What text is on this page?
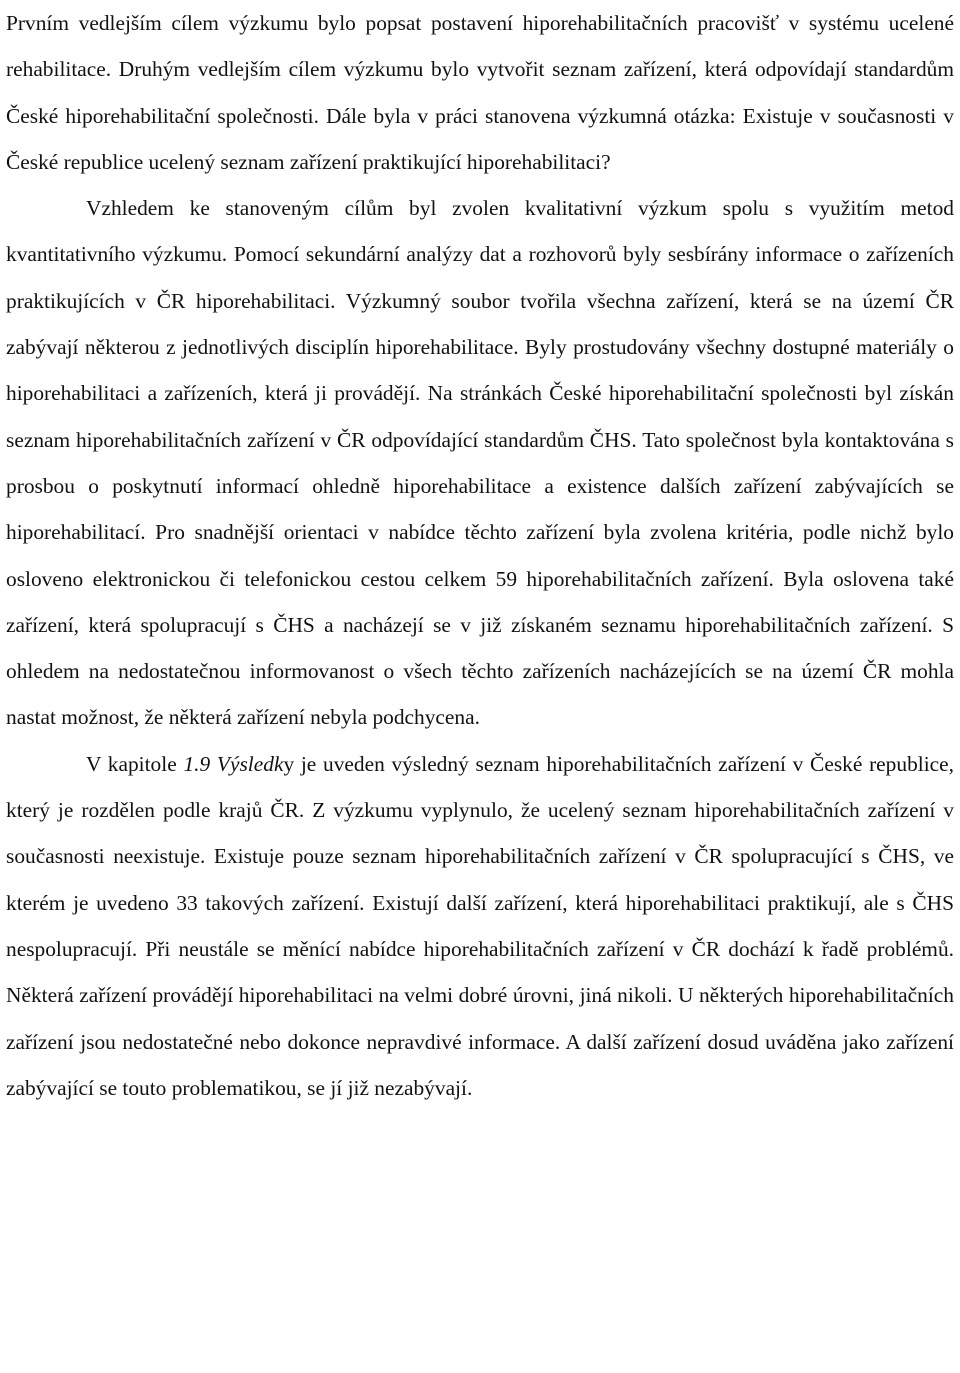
Prvním vedlejším cílem výzkumu bylo popsat postavení hiporehabilitačních pracovišť v systému ucelené rehabilitace. Druhým vedlejším cílem výzkumu bylo vytvořit seznam zařízení, která odpovídají standardům České hiporehabilitační společnosti. Dále byla v práci stanovena výzkumná otázka: Existuje v současnosti v České republice ucelený seznam zařízení praktikující hiporehabilitaci?

Vzhledem ke stanoveným cílům byl zvolen kvalitativní výzkum spolu s využitím metod kvantitativního výzkumu. Pomocí sekundární analýzy dat a rozhovorů byly sesbírány informace o zařízeních praktikujících v ČR hiporehabilitaci. Výzkumný soubor tvořila všechna zařízení, která se na území ČR zabývají některou z jednotlivých disciplín hiporehabilitace. Byly prostudovány všechny dostupné materiály o hiporehabilitaci a zařízeních, která ji provádějí. Na stránkách České hiporehabilitační společnosti byl získán seznam hiporehabilitačních zařízení v ČR odpovídající standardům ČHS. Tato společnost byla kontaktována s prosbou o poskytnutí informací ohledně hiporehabilitace a existence dalších zařízení zabývajících se hiporehabilitací. Pro snadnější orientaci v nabídce těchto zařízení byla zvolena kritéria, podle nichž bylo osloveno elektronickou či telefonickou cestou celkem 59 hiporehabilitačních zařízení. Byla oslovena také zařízení, která spolupracují s ČHS a nacházejí se v již získaném seznamu hiporehabilitačních zařízení. S ohledem na nedostatečnou informovanost o všech těchto zařízeních nacházejících se na území ČR mohla nastat možnost, že některá zařízení nebyla podchycena.

V kapitole 1.9 Výsledky je uveden výsledný seznam hiporehabilitačních zařízení v České republice, který je rozdělen podle krajů ČR. Z výzkumu vyplynulo, že ucelený seznam hiporehabilitačních zařízení v současnosti neexistuje. Existuje pouze seznam hiporehabilitačních zařízení v ČR spolupracující s ČHS, ve kterém je uvedeno 33 takových zařízení. Existují další zařízení, která hiporehabilitaci praktikují, ale s ČHS nespolupracují. Při neustále se měnící nabídce hiporehabilitačních zařízení v ČR dochází k řadě problémů. Některá zařízení provádějí hiporehabilitaci na velmi dobré úrovni, jiná nikoli. U některých hiporehabilitačních zařízení jsou nedostatečné nebo dokonce nepravdivé informace. A další zařízení dosud uváděna jako zařízení zabývající se touto problematikou, se jí již nezabývají.
